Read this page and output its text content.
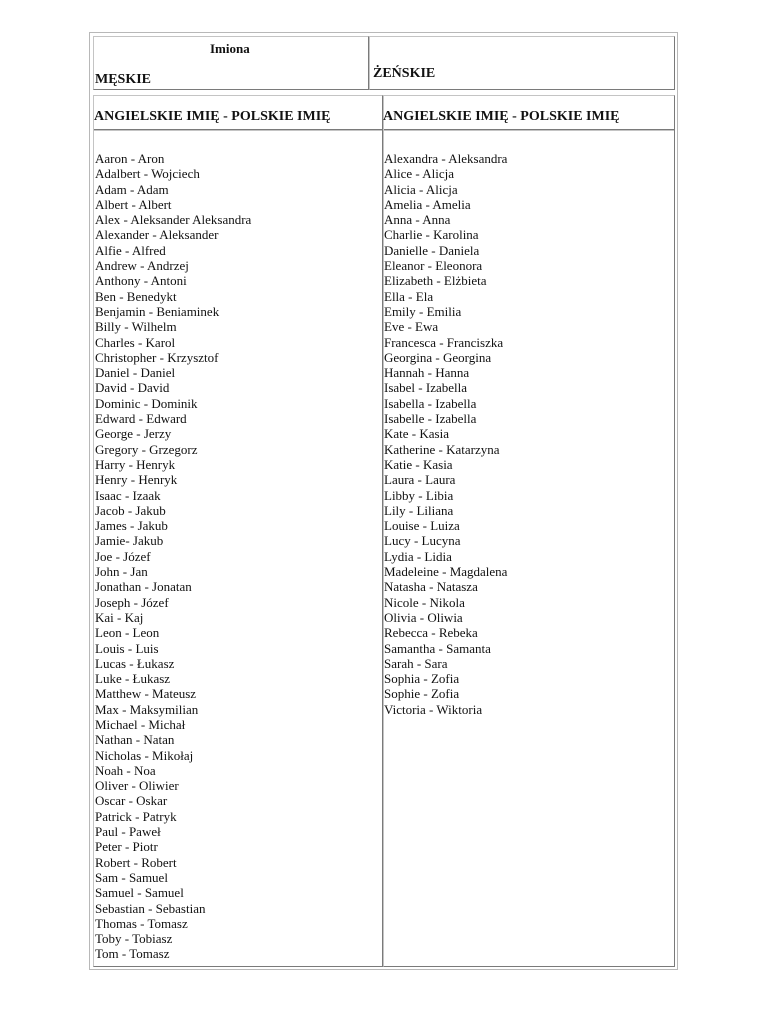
Imiona
MĘSKIE	ŻEŃSKIE
ANGIELSKIE IMIĘ - POLSKIE IMIĘ
Aaron - Aron
Adalbert - Wojciech
Adam - Adam
Albert - Albert
Alex - Aleksander Aleksandra
Alexander - Aleksander
Alfie - Alfred
Andrew - Andrzej
Anthony - Antoni
Ben - Benedykt
Benjamin - Beniaminek
Billy - Wilhelm
Charles - Karol
Christopher - Krzysztof
Daniel - Daniel
David - David
Dominic - Dominik
Edward - Edward
George - Jerzy
Gregory - Grzegorz
Harry - Henryk
Henry - Henryk
Isaac - Izaak
Jacob - Jakub
James - Jakub
Jamie- Jakub
Joe - Józef
John - Jan
Jonathan - Jonatan
Joseph - Józef
Kai - Kaj
Leon - Leon
Louis - Luis
Lucas - Łukasz
Luke - Łukasz
Matthew - Mateusz
Max - Maksymilian
Michael - Michał
Nathan - Natan
Nicholas - Mikołaj
Noah - Noa
Oliver - Oliwier
Oscar - Oskar
Patrick - Patryk
Paul - Paweł
Peter - Piotr
Robert - Robert
Sam - Samuel
Samuel - Samuel
Sebastian - Sebastian
Thomas - Tomasz
Toby - Tobiasz
Tom - Tomasz
ANGIELSKIE IMIĘ - POLSKIE IMIĘ
Alexandra - Aleksandra
Alice - Alicja
Alicia - Alicja
Amelia - Amelia
Anna - Anna
Charlie - Karolina
Danielle - Daniela
Eleanor - Eleonora
Elizabeth - Elżbieta
Ella - Ela
Emily - Emilia
Eve - Ewa
Francesca - Franciszka
Georgina - Georgina
Hannah - Hanna
Isabel - Izabella
Isabella - Izabella
Isabelle - Izabella
Kate - Kasia
Katherine - Katarzyna
Katie - Kasia
Laura - Laura
Libby - Libia
Lily - Liliana
Louise - Luiza
Lucy - Lucyna
Lydia - Lidia
Madeleine - Magdalena
Natasha - Natasza
Nicole - Nikola
Olivia - Oliwia
Rebecca - Rebeka
Samantha - Samanta
Sarah - Sara
Sophia - Zofia
Sophie - Zofia
Victoria - Wiktoria
